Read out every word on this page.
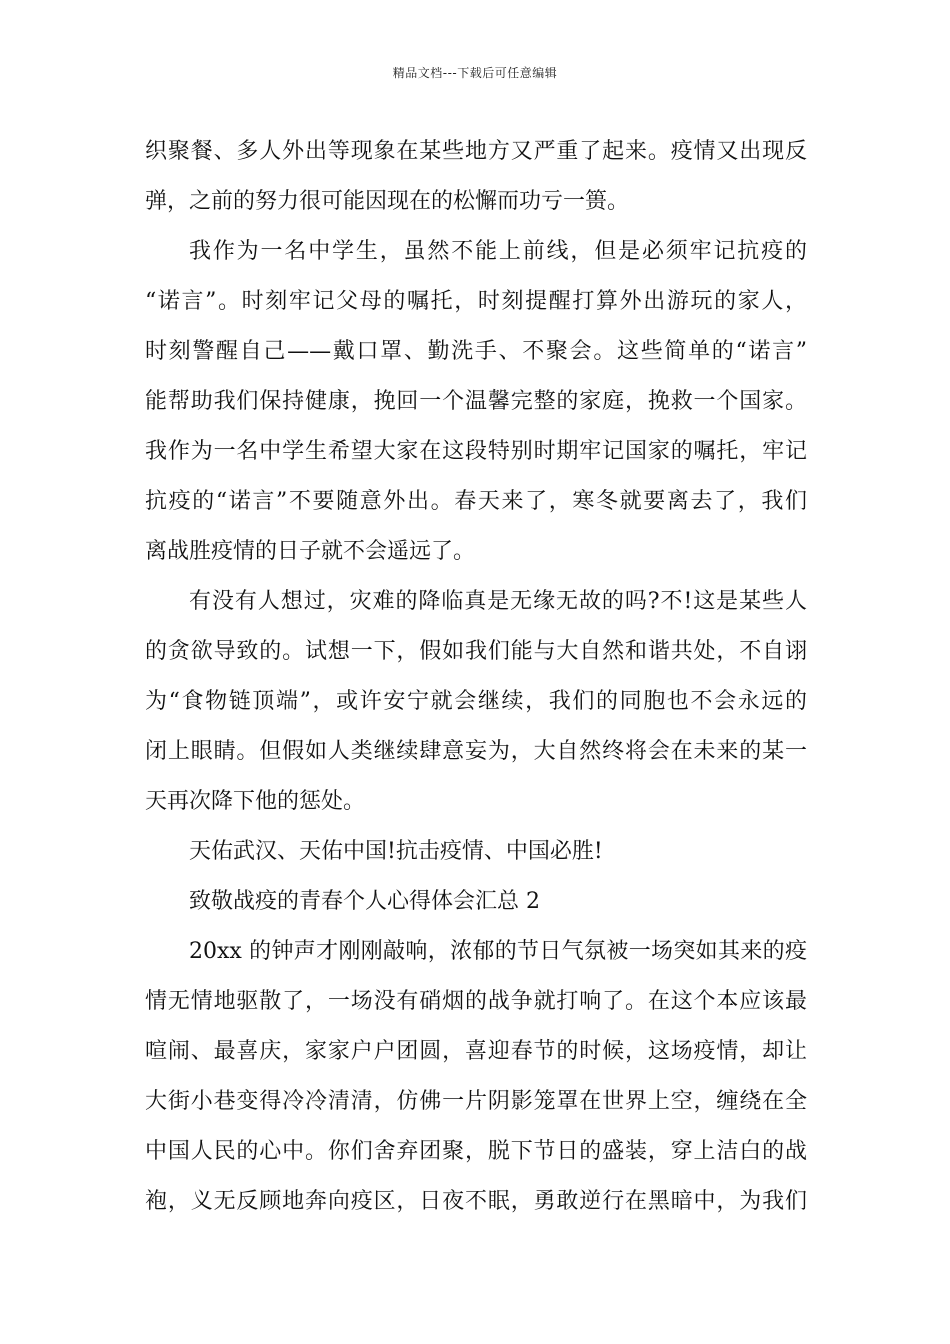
精品文档---下载后可任意编辑
织聚餐、多人外出等现象在某些地方又严重了起来。疫情又出现反
弹，之前的努力很可能因现在的松懈而功亏一篑。
我作为一名中学生，虽然不能上前线，但是必须牢记抗疫的
“诺言”。时刻牢记父母的嘱托，时刻提醒打算外出游玩的家人，
时刻警醒自己——戴口罩、勤洗手、不聚会。这些简单的“诺言”
能帮助我们保持健康，挽回一个温馨完整的家庭，挽救一个国家。
我作为一名中学生希望大家在这段特别时期牢记国家的嘱托，牢记
抗疫的“诺言”不要随意外出。春天来了，寒冬就要离去了，我们
离战胜疫情的日子就不会遥远了。
有没有人想过，灾难的降临真是无缘无故的吗?不!这是某些人
的贪欲导致的。试想一下，假如我们能与大自然和谐共处，不自诩
为“食物链顶端”，或许安宁就会继续，我们的同胞也不会永远的
闭上眼睛。但假如人类继续肆意妄为，大自然终将会在未来的某一
天再次降下他的惩处。
天佑武汉、天佑中国!抗击疫情、中国必胜!
致敬战疫的青春个人心得体会汇总 2
20xx 的钟声才刚刚敲响，浓郁的节日气氛被一场突如其来的疫
情无情地驱散了，一场没有硝烟的战争就打响了。在这个本应该最
喧闹、最喜庆，家家户户团圆，喜迎春节的时候，这场疫情，却让
大街小巷变得冷冷清清，仿佛一片阴影笼罩在世界上空，缠绕在全
中国人民的心中。你们舍弃团聚，脱下节日的盛装，穿上洁白的战
袍，义无反顾地奔向疫区，日夜不眠，勇敢逆行在黑暗中，为我们
